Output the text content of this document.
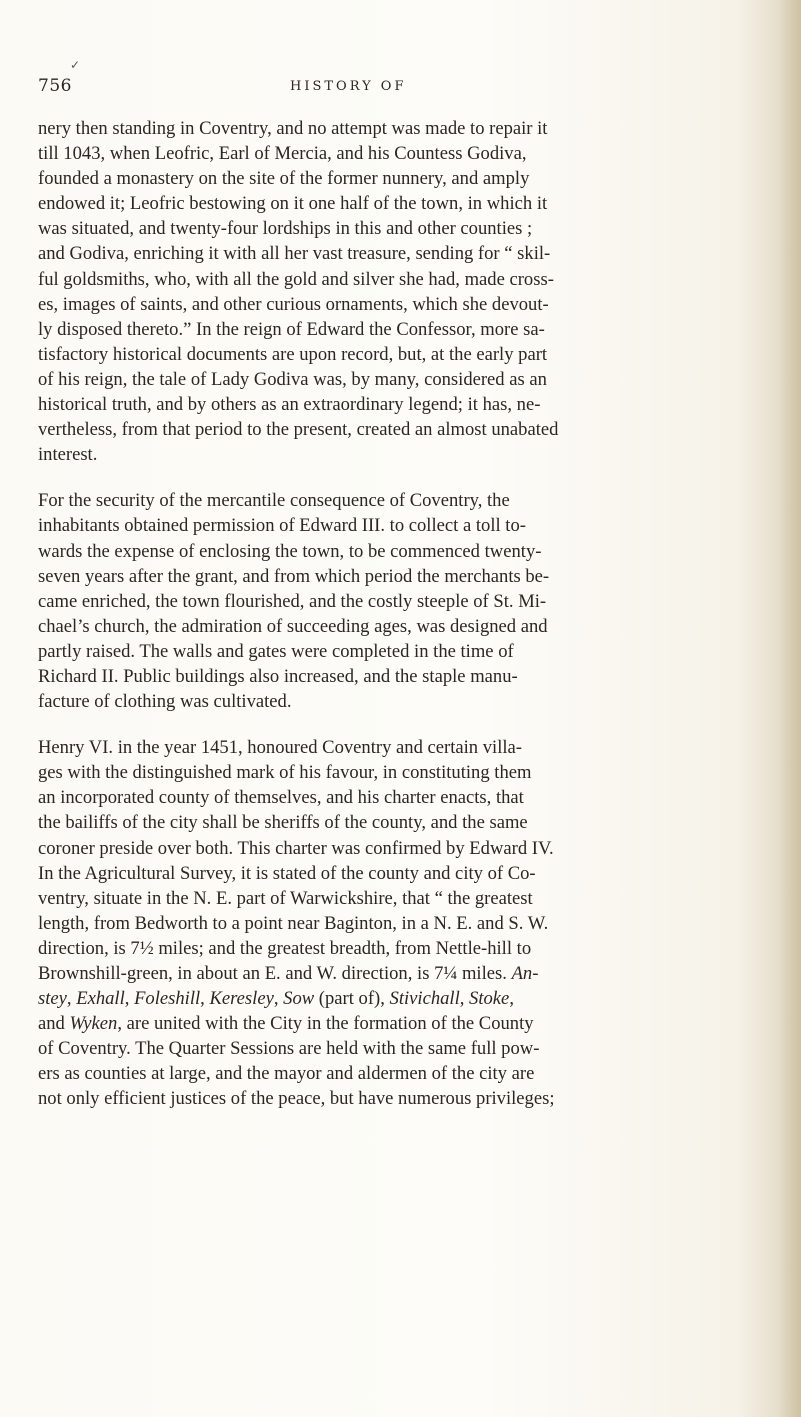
✓
756	HISTORY OF
nery then standing in Coventry, and no attempt was made to repair it
till 1043, when Leofric, Earl of Mercia, and his Countess Godiva,
founded a monastery on the site of the former nunnery, and amply
endowed it; Leofric bestowing on it one half of the town, in which it
was situated, and twenty-four lordships in this and other counties ;
and Godiva, enriching it with all her vast treasure, sending for “ skil-
ful goldsmiths, who, with all the gold and silver she had, made cross-
es, images of saints, and other curious ornaments, which she devout-
ly disposed thereto.” In the reign of Edward the Confessor, more sa-
tisfactory historical documents are upon record, but, at the early part
of his reign, the tale of Lady Godiva was, by many, considered as an
historical truth, and by others as an extraordinary legend; it has, ne-
vertheless, from that period to the present, created an almost unabated
interest.
For the security of the mercantile consequence of Coventry, the
inhabitants obtained permission of Edward III. to collect a toll to-
wards the expense of enclosing the town, to be commenced twenty-
seven years after the grant, and from which period the merchants be-
came enriched, the town flourished, and the costly steeple of St. Mi-
chael’s church, the admiration of succeeding ages, was designed and
partly raised. The walls and gates were completed in the time of
Richard II. Public buildings also increased, and the staple manu-
facture of clothing was cultivated.
Henry VI. in the year 1451, honoured Coventry and certain villa-
ges with the distinguished mark of his favour, in constituting them
an incorporated county of themselves, and his charter enacts, that
the bailiffs of the city shall be sheriffs of the county, and the same
coroner preside over both. This charter was confirmed by Edward IV.
In the Agricultural Survey, it is stated of the county and city of Co-
ventry, situate in the N. E. part of Warwickshire, that “ the greatest
length, from Bedworth to a point near Baginton, in a N. E. and S. W.
direction, is 7½ miles; and the greatest breadth, from Nettle-hill to
Brownshill-green, in about an E. and W. direction, is 7¼ miles. An-
stey, Exhall, Foleshill, Keresley, Sow (part of), Stivichall, Stoke,
and Wyken, are united with the City in the formation of the County
of Coventry. The Quarter Sessions are held with the same full pow-
ers as counties at large, and the mayor and aldermen of the city are
not only efficient justices of the peace, but have numerous privileges;
